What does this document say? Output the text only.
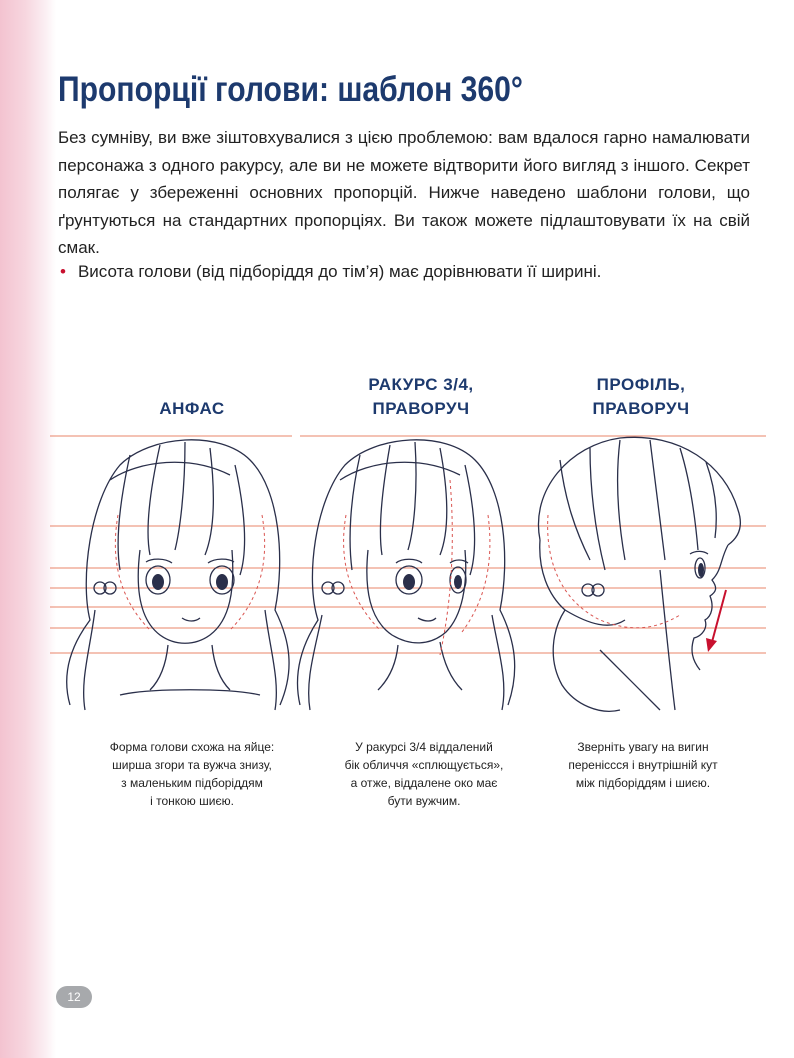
Пропорції голови: шаблон 360°

Без сумніву, ви вже зіштовхувалися з цією проблемою: вам вдалося гарно намалювати персонажа з одного ракурсу, але ви не можете відтворити його вигляд з іншого. Секрет полягає у збереженні основних пропорцій. Нижче наведено шаблони голови, що ґрунтуються на стандартних пропорціях. Ви також можете підлаштовувати їх на свій смак.

• Висота голови (від підборіддя до тім’я) має дорівнювати її ширині.

АНФАС
РАКУРС 3/4,
ПРАВОРУЧ
ПРОФІЛЬ,
ПРАВОРУЧ
Форма голови схожа на яйце:
ширша згори та вужча знизу,
з маленьким підборіддям
і тонкою шиєю.
У ракурсі 3/4 віддалений
бік обличчя «сплющується»,
а отже, віддалене око має
бути вужчим.
Зверніть увагу на вигин
переніссся і внутрішній кут
між підборіддям і шиєю.
12
